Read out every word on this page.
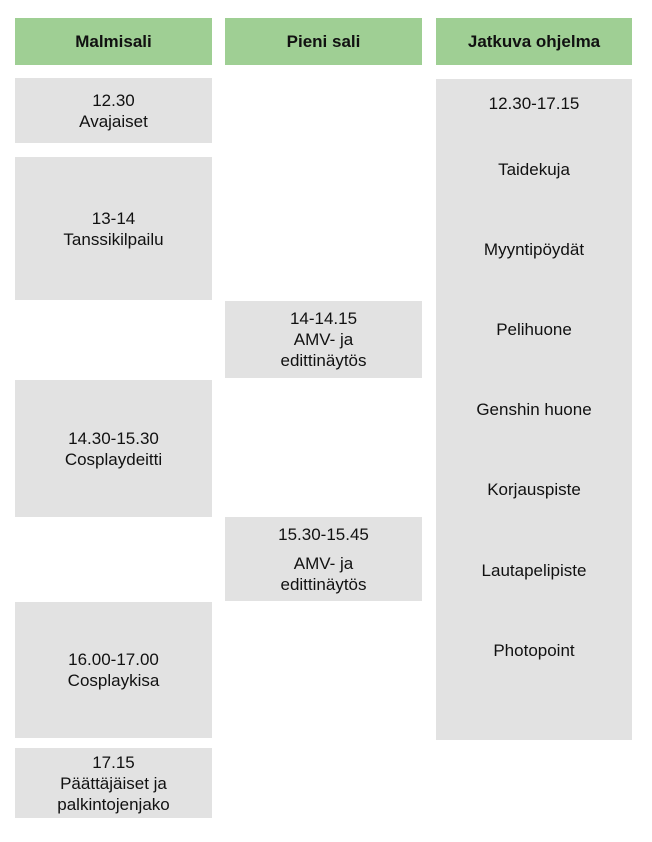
Malmisali	Pieni sali	Jatkuva ohjelma
12.30
Avajaiset
13-14
Tanssikilpailu
14.30-15.30
Cosplaydeitti
16.00-17.00
Cosplaykisa
17.15
Päättäjäiset ja
palkintojenjako
14-14.15
AMV- ja
edittinäytös
15.30-15.45
AMV- ja
edittinäytös
12.30-17.15
Taidekuja
Myyntipöydät
Pelihuone
Genshin huone
Korjauspiste
Lautapelipiste
Photopoint
